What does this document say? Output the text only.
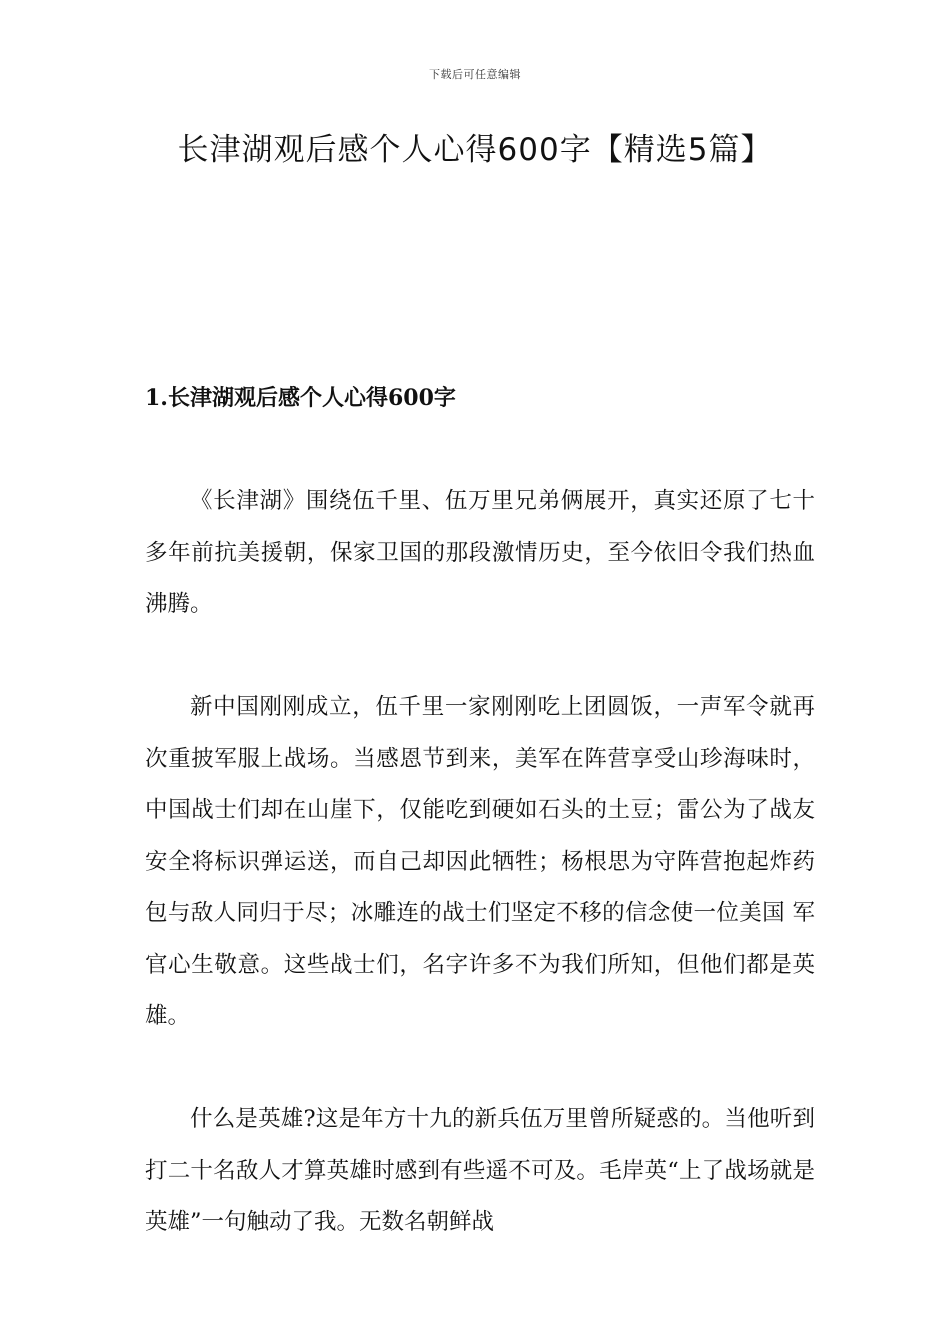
下载后可任意编辑
长津湖观后感个人心得600字【精选5篇】
1.长津湖观后感个人心得600字

《长津湖》围绕伍千里、伍万里兄弟俩展开，真实还原了七十多年前抗美援朝，保家卫国的那段激情历史，至今依旧令我们热血沸腾。

新中国刚刚成立，伍千里一家刚刚吃上团圆饭，一声军令就再次重披军服上战场。当感恩节到来，美军在阵营享受山珍海味时，中国战士们却在山崖下，仅能吃到硬如石头的土豆；雷公为了战友安全将标识弹运送，而自己却因此牺牲；杨根思为守阵营抱起炸药包与敌人同归于尽；冰雕连的战士们坚定不移的信念使一位美国 军官心生敬意。这些战士们，名字许多不为我们所知，但他们都是英雄。

什么是英雄?这是年方十九的新兵伍万里曾所疑惑的。当他听到打二十名敌人才算英雄时感到有些遥不可及。毛岸英“上了战场就是英雄”一句触动了我。无数名朝鲜战
